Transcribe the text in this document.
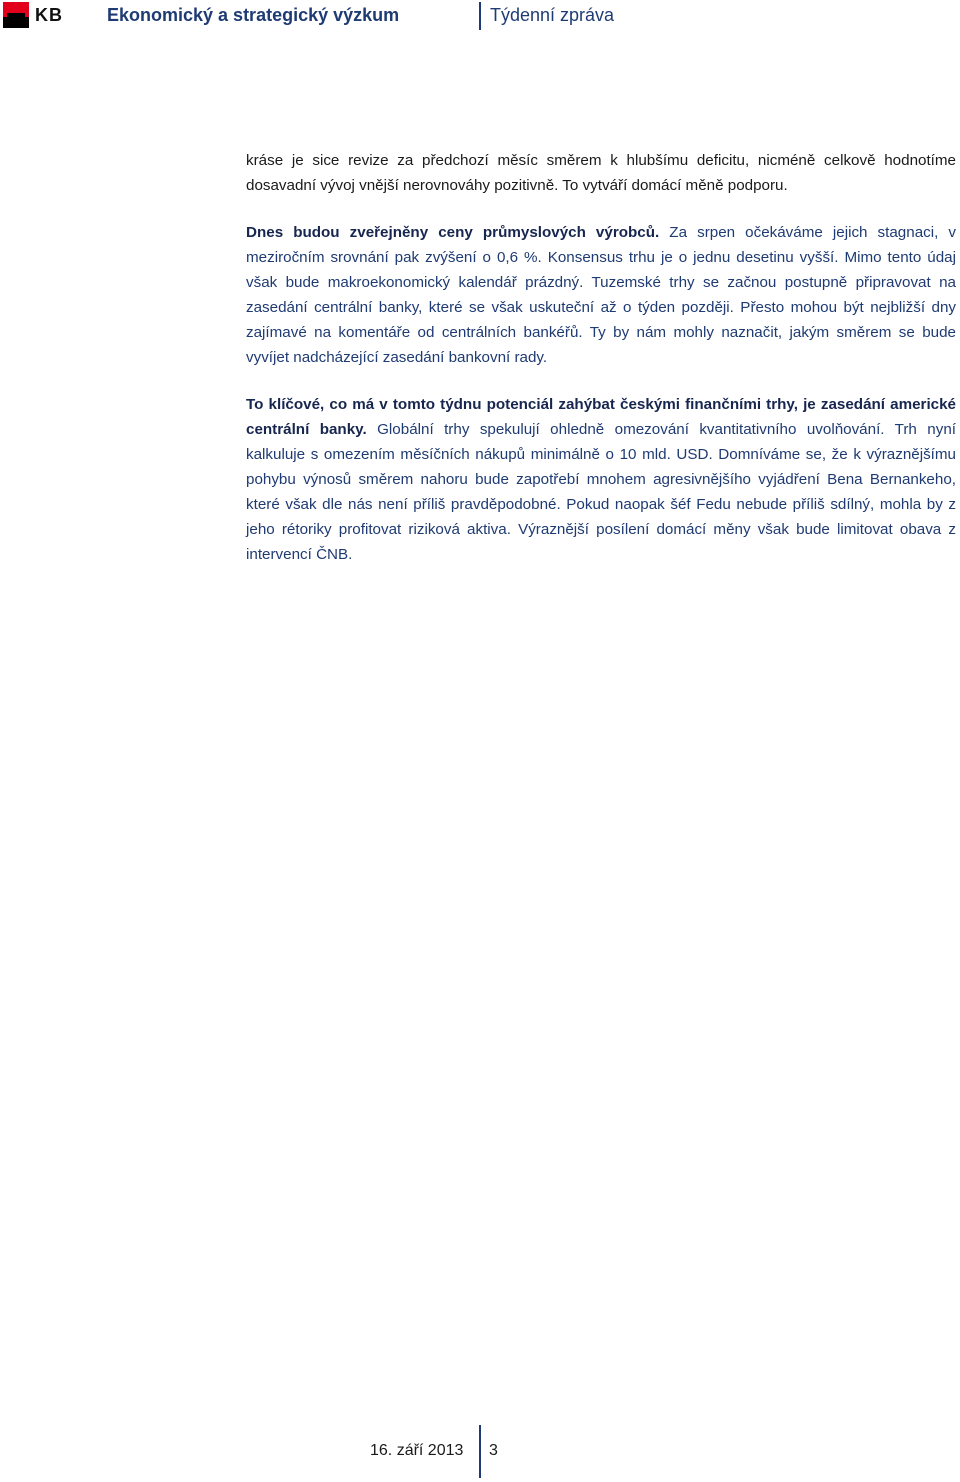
KB Ekonomický a strategický výzkum	Týdenní zpráva

kráse je sice revize za předchozí měsíc směrem k hlubšímu deficitu, nicméně celkově hodnotíme dosavadní vývoj vnější nerovnováhy pozitivně. To vytváří domácí měně podporu.

Dnes budou zveřejněny ceny průmyslových výrobců. Za srpen očekáváme jejich stagnaci, v meziročním srovnání pak zvýšení o 0,6 %. Konsensus trhu je o jednu desetinu vyšší. Mimo tento údaj však bude makroekonomický kalendář prázdný. Tuzemské trhy se začnou postupně připravovat na zasedání centrální banky, které se však uskuteční až o týden později. Přesto mohou být nejbližší dny zajímavé na komentáře od centrálních bankéřů. Ty by nám mohly naznačit, jakým směrem se bude vyvíjet nadcházející zasedání bankovní rady.

To klíčové, co má v tomto týdnu potenciál zahýbat českými finančními trhy, je zasedání americké centrální banky. Globální trhy spekulují ohledně omezování kvantitativního uvolňování. Trh nyní kalkuluje s omezením měsíčních nákupů minimálně o 10 mld. USD. Domníváme se, že k výraznějšímu pohybu výnosů směrem nahoru bude zapotřebí mnohem agresivnějšího vyjádření Bena Bernankeho, které však dle nás není příliš pravděpodobné. Pokud naopak šéf Fedu nebude příliš sdílný, mohla by z jeho rétoriky profitovat riziková aktiva. Výraznější posílení domácí měny však bude limitovat obava z intervencí ČNB.

16. září 2013 3
